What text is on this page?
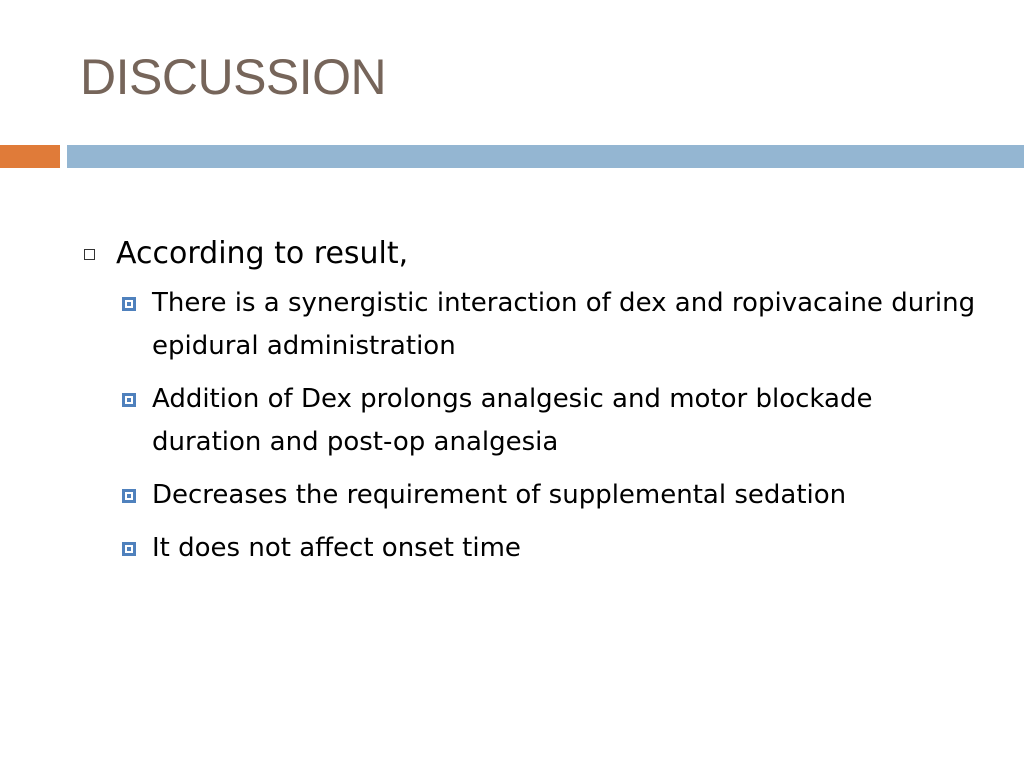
DISCUSSION
According to result,
There is a synergistic interaction of dex and ropivacaine during epidural administration
Addition of Dex prolongs analgesic and motor blockade duration and post-op analgesia
Decreases the requirement of supplemental sedation
It does not affect onset time
